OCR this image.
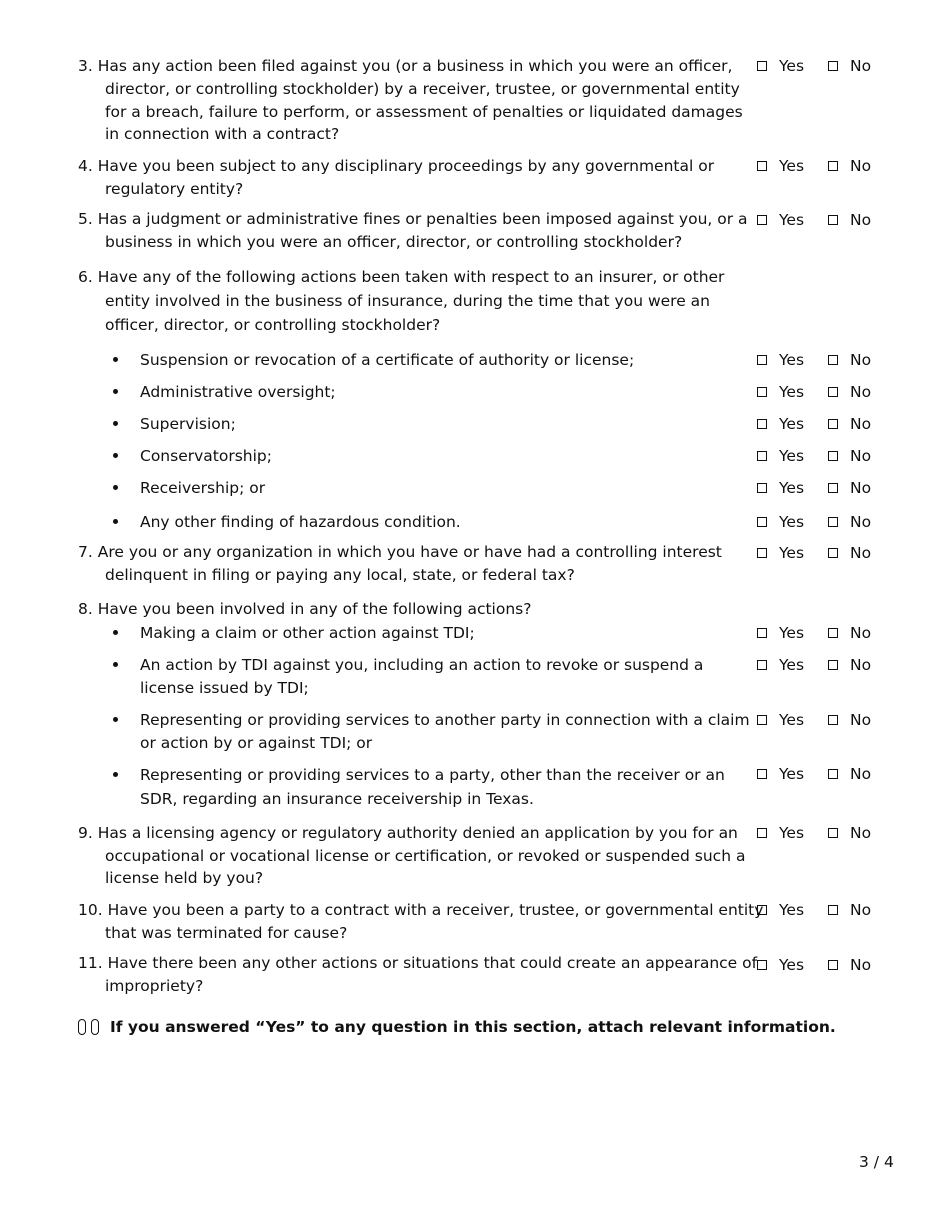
3. Has any action been filed against you (or a business in which you were an officer,

director, or controlling stockholder) by a receiver, trustee, or governmental entity

for a breach, failure to perform, or assessment of penalties or liquidated damages

in connection with a contract?

Yes	No

4. Have you been subject to any disciplinary proceedings by any governmental or

regulatory entity?

Yes	No

5. Has a judgment or administrative fines or penalties been imposed against you, or a

business in which you were an officer, director, or controlling stockholder?

Yes	No

6. Have any of the following actions been taken with respect to an insurer, or other

entity involved in the business of insurance, during the time that you were an

officer, director, or controlling stockholder?

Suspension or revocation of a certificate of authority or license;	Yes	No

Administrative oversight;	Yes	No

Supervision;	Yes	No

Conservatorship;	Yes	No

Receivership; or	Yes	No

Any other finding of hazardous condition.	Yes	No

7. Are you or any organization in which you have or have had a controlling interest

delinquent in filing or paying any local, state, or federal tax?

Yes	No

8. Have you been involved in any of the following actions?

Making a claim or other action against TDI;	Yes	No

An action by TDI against you, including an action to revoke or suspend a

license issued by TDI;

Yes	No

Representing or providing services to another party in connection with a claim

or action by or against TDI; or

Yes	No

Representing or providing services to a party, other than the receiver or an

SDR, regarding an insurance receivership in Texas.

Yes	No

9. Has a licensing agency or regulatory authority denied an application by you for an

occupational or vocational license or certification, or revoked or suspended such a

license held by you?

Yes	No

10. Have you been a party to a contract with a receiver, trustee, or governmental entity

that was terminated for cause?

Yes	No

11. Have there been any other actions or situations that could create an appearance of

impropriety?

Yes	No
If you answered “Yes” to any question in this section, attach relevant information.
3 / 4
